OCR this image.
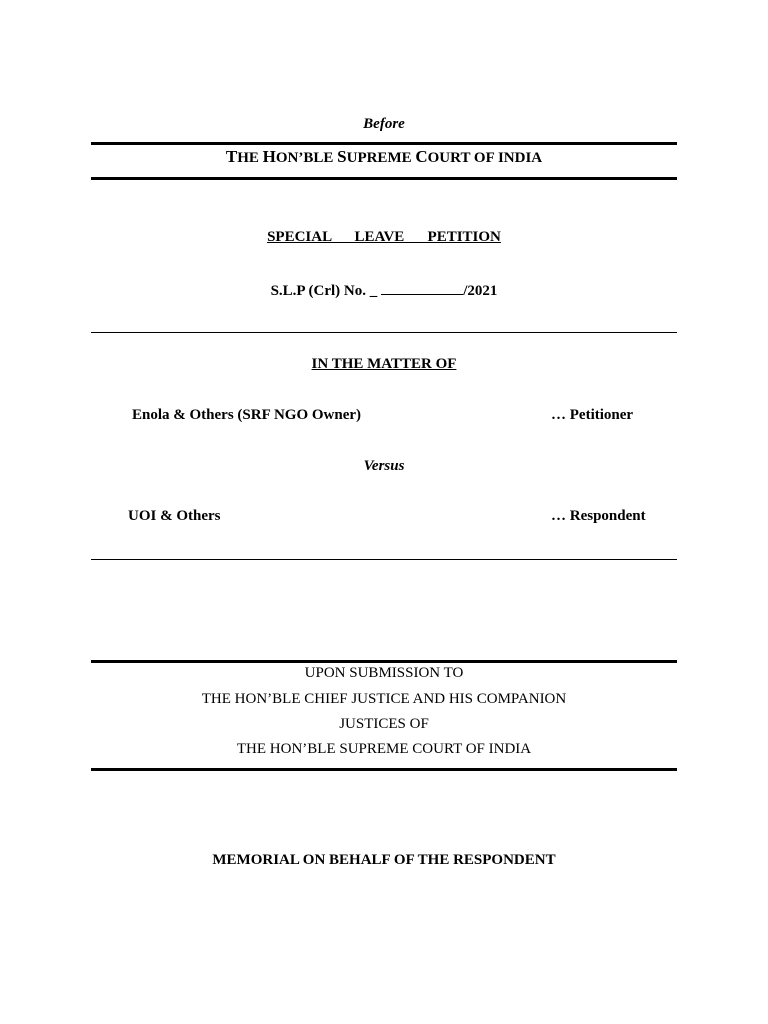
Before
THE HON’BLE SUPREME COURT OF INDIA
SPECIAL   LEAVE   PETITION
S.L.P (Crl) No. _	/2021
IN THE MATTER OF
Enola & Others (SRF NGO Owner)	… Petitioner
Versus
UOI & Others	… Respondent
UPON SUBMISSION TO
THE HON’BLE CHIEF JUSTICE AND HIS COMPANION
JUSTICES OF
THE HON’BLE SUPREME COURT OF INDIA
MEMORIAL ON BEHALF OF THE RESPONDENT
